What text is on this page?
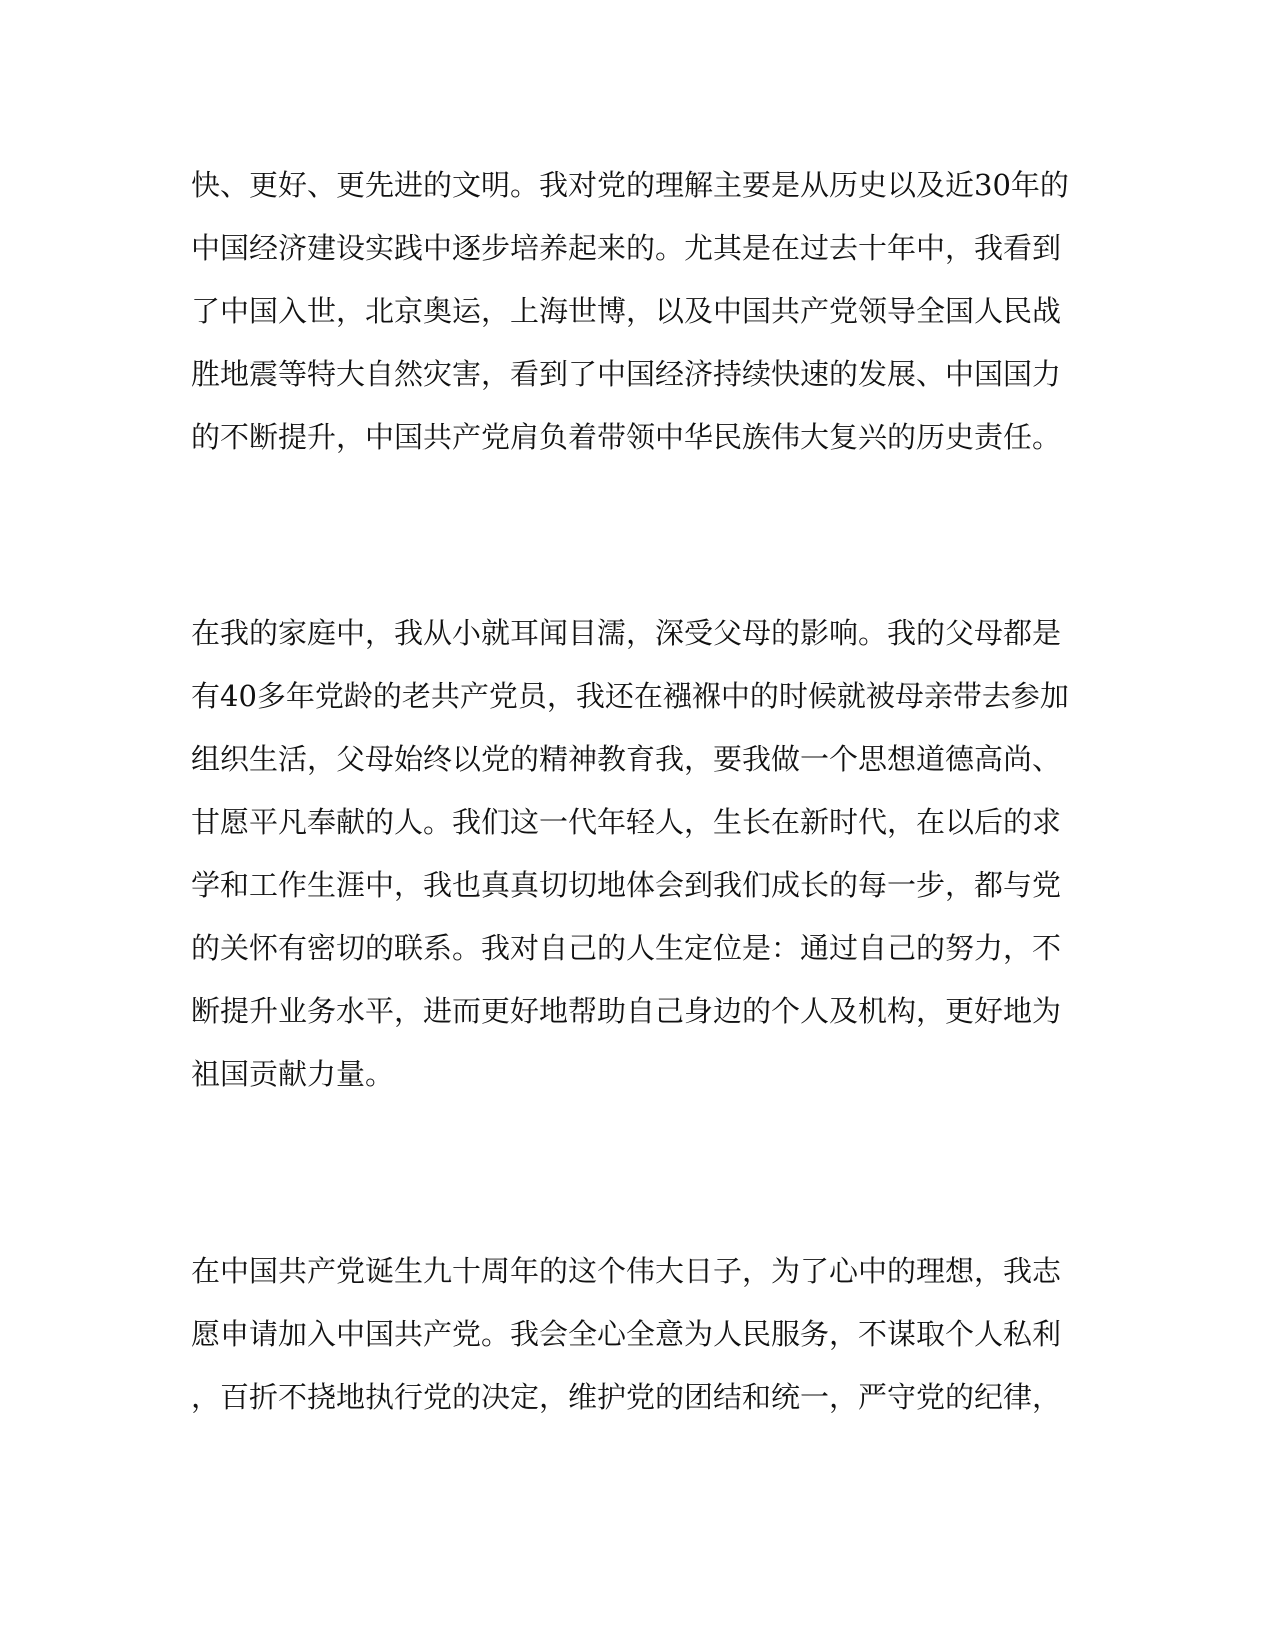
快、更好、更先进的文明。我对党的理解主要是从历史以及近30年的

中国经济建设实践中逐步培养起来的。尤其是在过去十年中，我看到

了中国入世，北京奥运，上海世博，以及中国共产党领导全国人民战

胜地震等特大自然灾害，看到了中国经济持续快速的发展、中国国力

的不断提升，中国共产党肩负着带领中华民族伟大复兴的历史责任。

在我的家庭中，我从小就耳闻目濡，深受父母的影响。我的父母都是

有40多年党龄的老共产党员，我还在襁褓中的时候就被母亲带去参加

组织生活，父母始终以党的精神教育我，要我做一个思想道德高尚、

甘愿平凡奉献的人。我们这一代年轻人，生长在新时代，在以后的求

学和工作生涯中，我也真真切切地体会到我们成长的每一步，都与党

的关怀有密切的联系。我对自己的人生定位是：通过自己的努力，不

断提升业务水平，进而更好地帮助自己身边的个人及机构，更好地为

祖国贡献力量。

在中国共产党诞生九十周年的这个伟大日子，为了心中的理想，我志

愿申请加入中国共产党。我会全心全意为人民服务，不谋取个人私利

，百折不挠地执行党的决定，维护党的团结和统一，严守党的纪律，
